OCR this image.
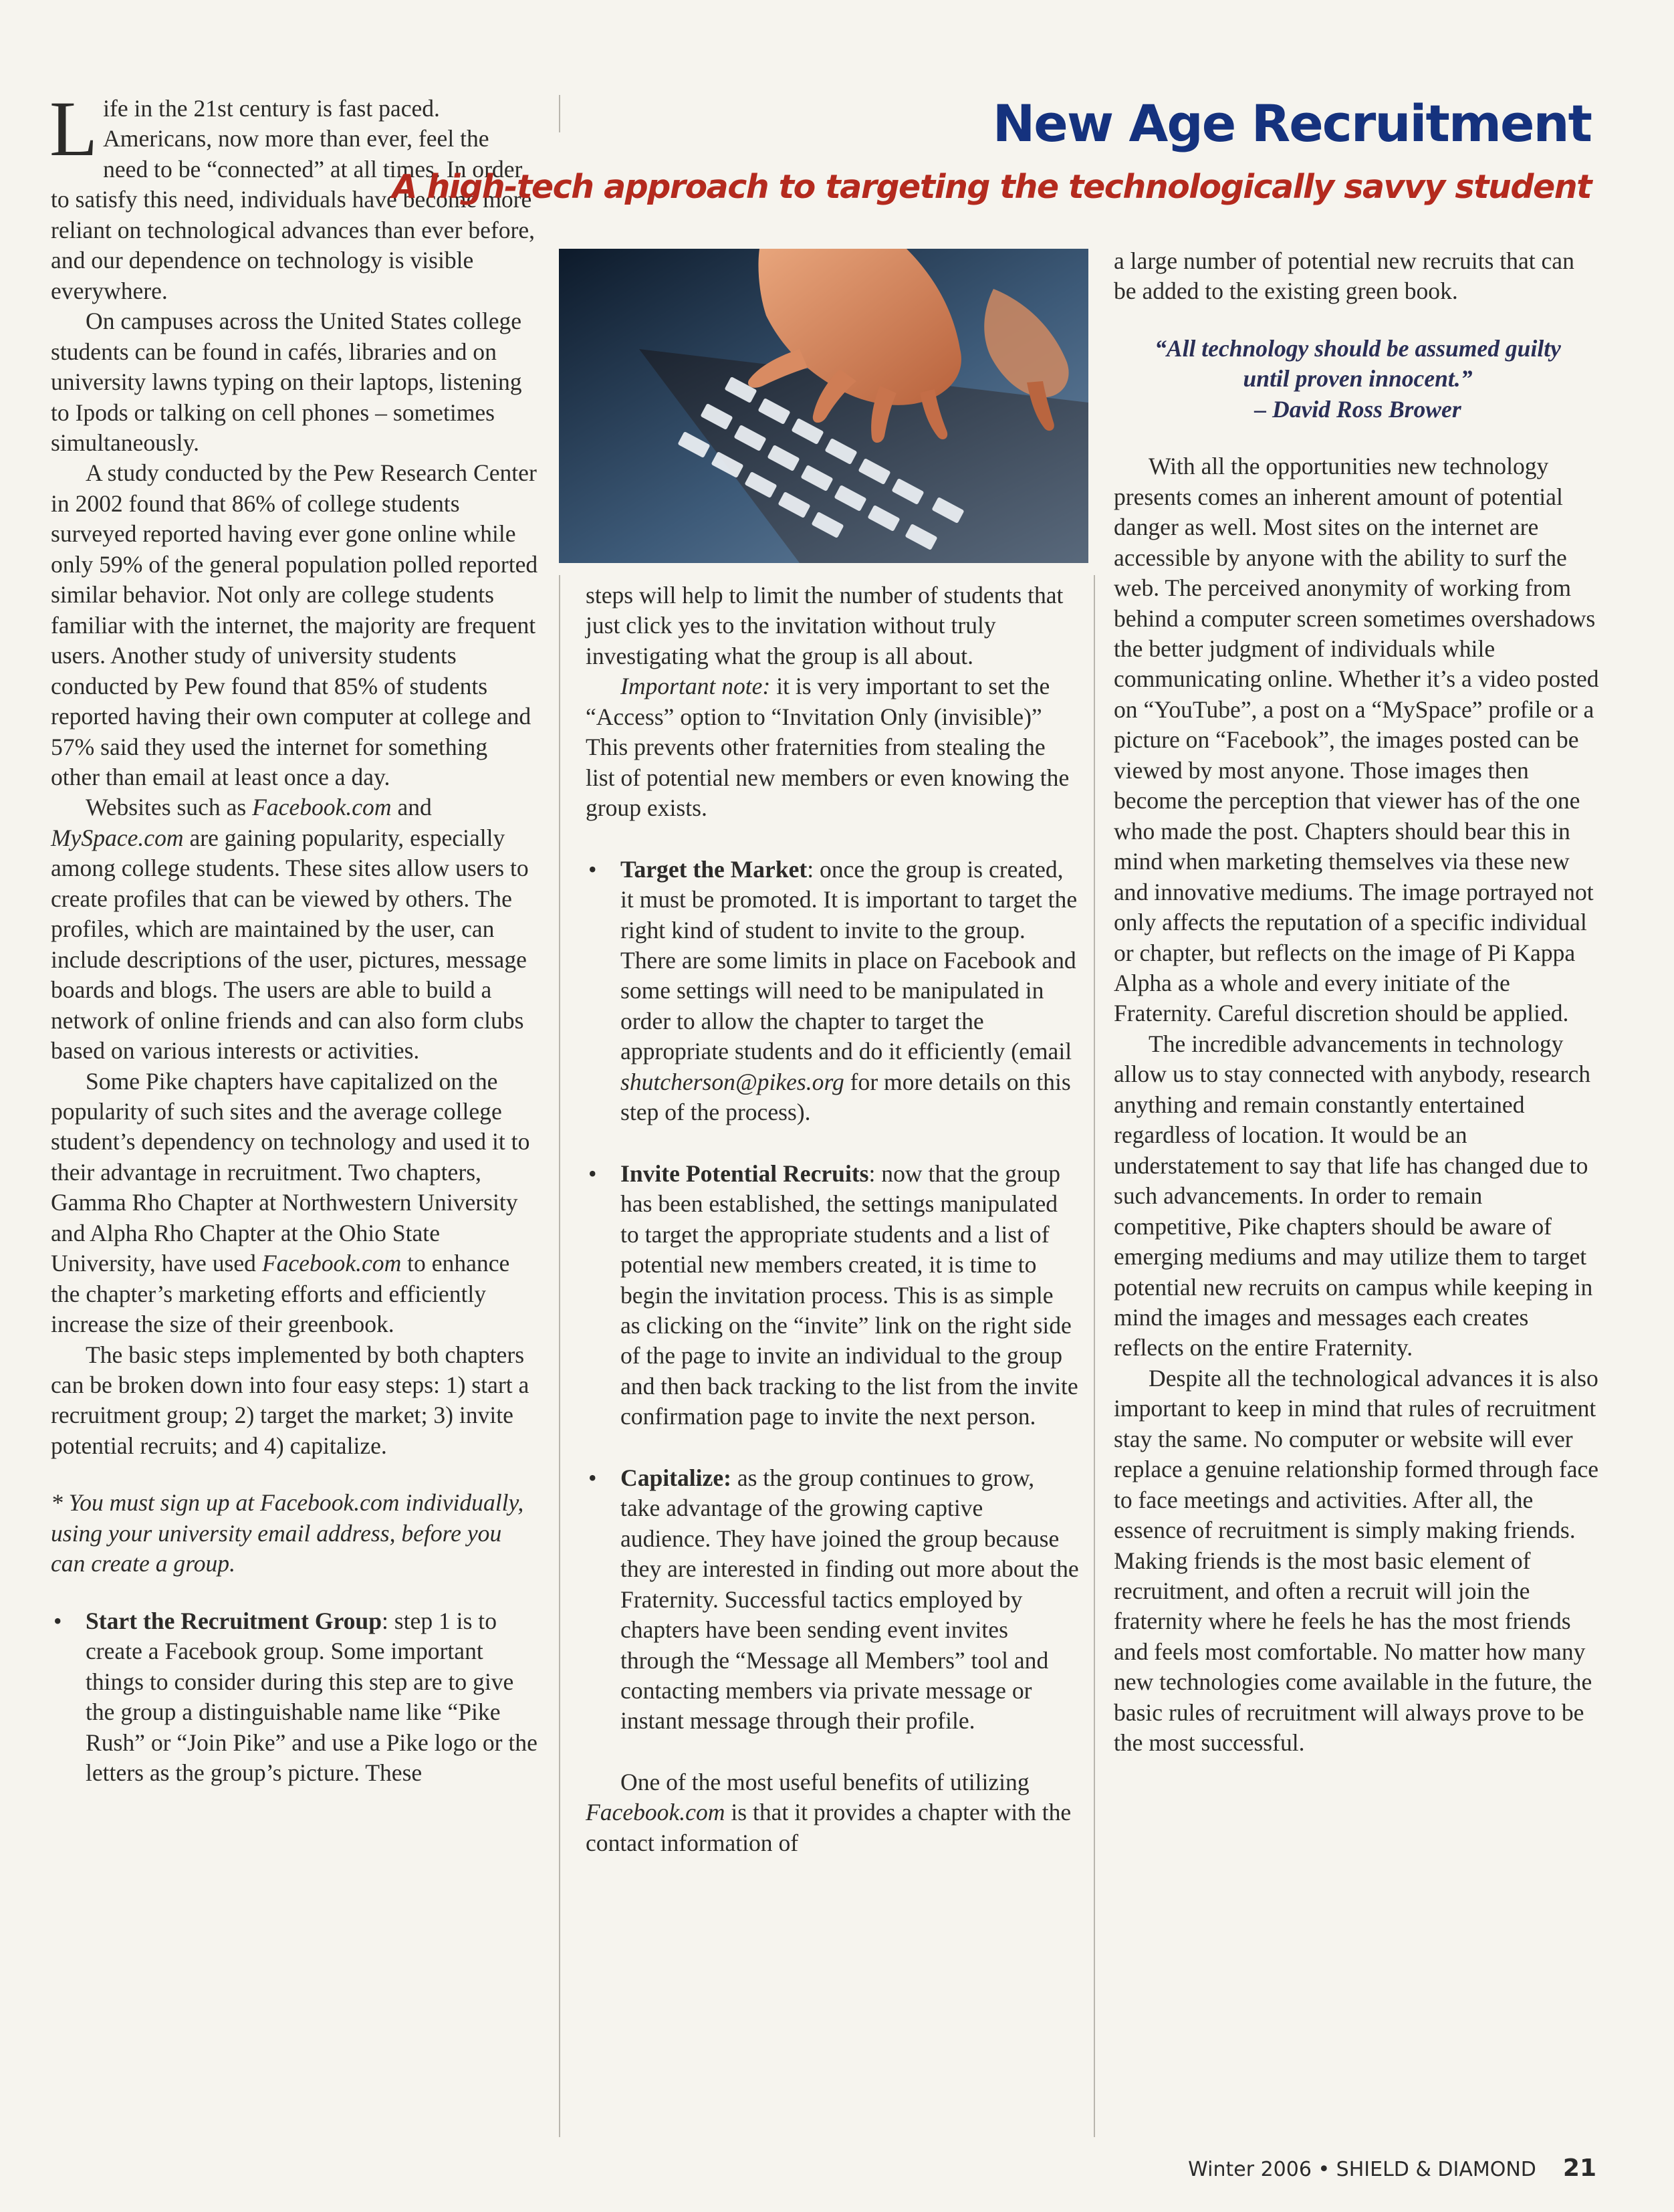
Life in the 21st century is fast paced. Americans, now more than ever, feel the need to be “connected” at all times. In order to satisfy this need, individuals have become more reliant on technological advances than ever before, and our dependence on technology is visible everywhere.

On campuses across the United States college students can be found in cafés, libraries and on university lawns typing on their laptops, listening to Ipods or talking on cell phones – sometimes simultaneously.

A study conducted by the Pew Research Center in 2002 found that 86% of college students surveyed reported having ever gone online while only 59% of the general population polled reported similar behavior. Not only are college students familiar with the internet, the majority are frequent users. Another study of university students conducted by Pew found that 85% of students reported having their own computer at college and 57% said they used the internet for something other than email at least once a day.

Websites such as Facebook.com and MySpace.com are gaining popularity, especially among college students. These sites allow users to create profiles that can be viewed by others. The profiles, which are maintained by the user, can include descriptions of the user, pictures, message boards and blogs. The users are able to build a network of online friends and can also form clubs based on various interests or activities.

Some Pike chapters have capitalized on the popularity of such sites and the average college student’s dependency on technology and used it to their advantage in recruitment. Two chapters, Gamma Rho Chapter at Northwestern University and Alpha Rho Chapter at the Ohio State University, have used Facebook.com to enhance the chapter’s marketing efforts and efficiently increase the size of their greenbook.

The basic steps implemented by both chapters can be broken down into four easy steps: 1) start a recruitment group; 2) target the market; 3) invite potential recruits; and 4) capitalize.

* You must sign up at Facebook.com individually, using your university email address, before you can create a group.

• Start the Recruitment Group: step 1 is to create a Facebook group. Some important things to consider during this step are to give the group a distinguishable name like “Pike Rush” or “Join Pike” and use a Pike logo or the letters as the group’s picture. These

New Age Recruitment
A high-tech approach to targeting the technologically savvy student

steps will help to limit the number of students that just click yes to the invitation without truly investigating what the group is all about.

Important note: it is very important to set the “Access” option to “Invitation Only (invisible)” This prevents other fraternities from stealing the list of potential new members or even knowing the group exists.

• Target the Market: once the group is created, it must be promoted. It is important to target the right kind of student to invite to the group. There are some limits in place on Facebook and some settings will need to be manipulated in order to allow the chapter to target the appropriate students and do it efficiently (email shutcherson@pikes.org for more details on this step of the process).

• Invite Potential Recruits: now that the group has been established, the settings manipulated to target the appropriate students and a list of potential new members created, it is time to begin the invitation process. This is as simple as clicking on the “invite” link on the right side of the page to invite an individual to the group and then back tracking to the list from the invite confirmation page to invite the next person.

• Capitalize: as the group continues to grow, take advantage of the growing captive audience. They have joined the group because they are interested in finding out more about the Fraternity. Successful tactics employed by chapters have been sending event invites through the “Message all Members” tool and contacting members via private message or instant message through their profile.

One of the most useful benefits of utilizing Facebook.com is that it provides a chapter with the contact information of

a large number of potential new recruits that can be added to the existing green book.

“All technology should be assumed guilty
until proven innocent.”
– David Ross Brower

With all the opportunities new technology presents comes an inherent amount of potential danger as well. Most sites on the internet are accessible by anyone with the ability to surf the web. The perceived anonymity of working from behind a computer screen sometimes overshadows the better judgment of individuals while communicating online. Whether it’s a video posted on “YouTube”, a post on a “MySpace” profile or a picture on “Facebook”, the images posted can be viewed by most anyone. Those images then become the perception that viewer has of the one who made the post. Chapters should bear this in mind when marketing themselves via these new and innovative mediums. The image portrayed not only affects the reputation of a specific individual or chapter, but reflects on the image of Pi Kappa Alpha as a whole and every initiate of the Fraternity. Careful discretion should be applied.

The incredible advancements in technology allow us to stay connected with anybody, research anything and remain constantly entertained regardless of location. It would be an understatement to say that life has changed due to such advancements. In order to remain competitive, Pike chapters should be aware of emerging mediums and may utilize them to target potential new recruits on campus while keeping in mind the images and messages each creates reflects on the entire Fraternity.

Despite all the technological advances it is also important to keep in mind that rules of recruitment stay the same. No computer or website will ever replace a genuine relationship formed through face to face meetings and activities. After all, the essence of recruitment is simply making friends. Making friends is the most basic element of recruitment, and often a recruit will join the fraternity where he feels he has the most friends and feels most comfortable. No matter how many new technologies come available in the future, the basic rules of recruitment will always prove to be the most successful.

Winter 2006 • SHIELD & DIAMOND 21
